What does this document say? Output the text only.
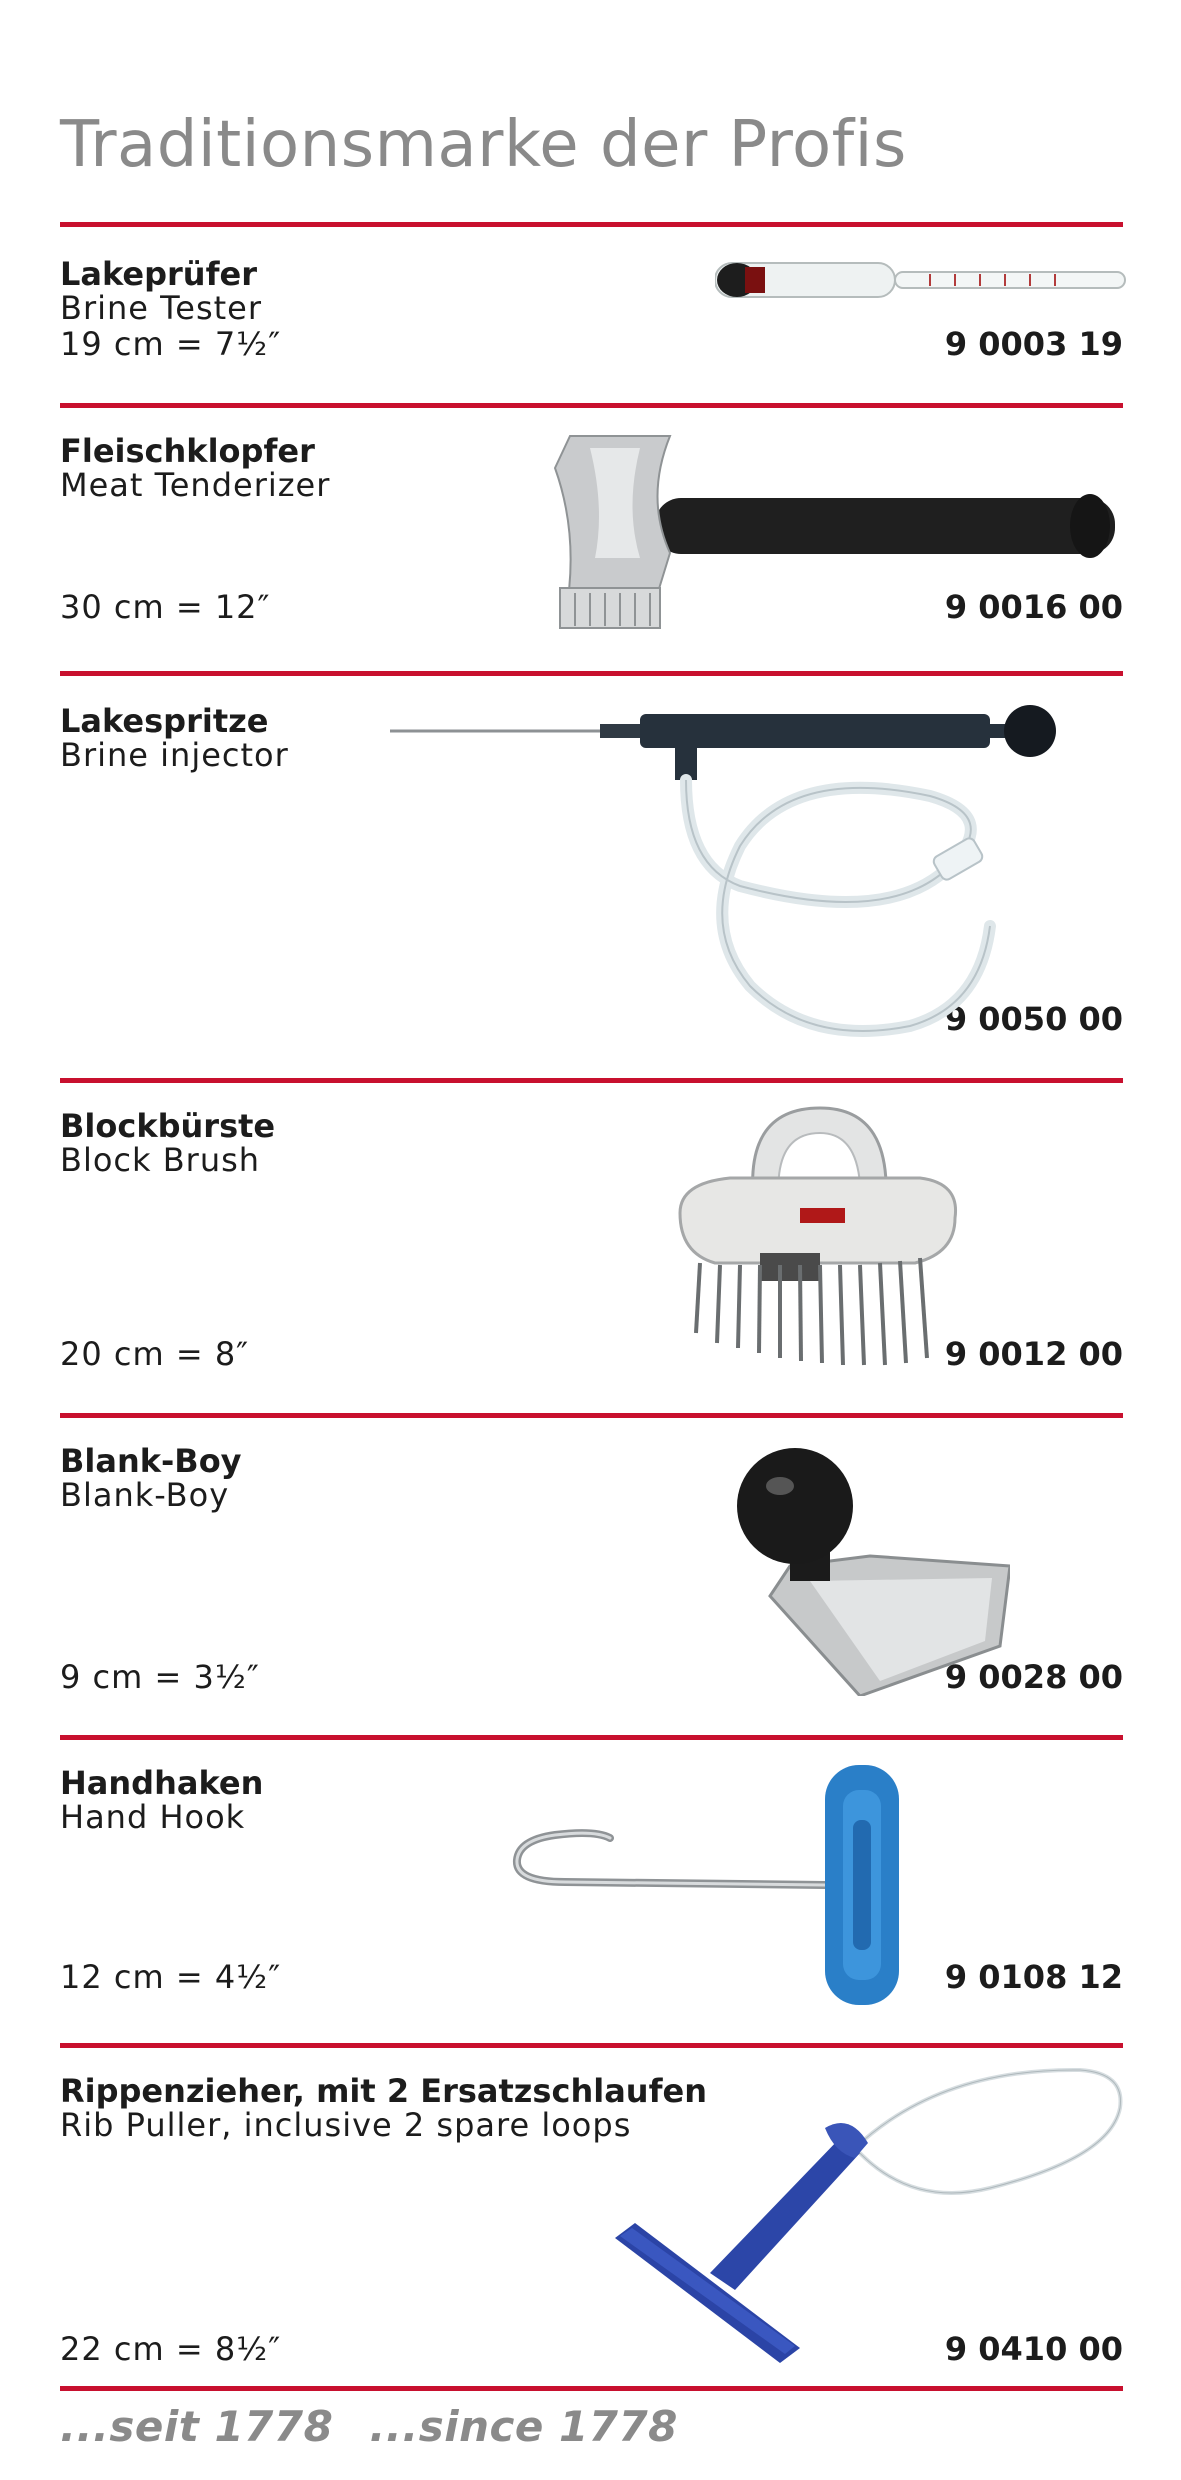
Traditionsmarke der Profis
Lakeprüfer
Brine Tester
19 cm = 7½″	9 0003 19
Fleischklopfer
Meat Tenderizer
30 cm = 12″	9 0016 00
Lakespritze
Brine injector
9 0050 00
Blockbürste
Block Brush
20 cm = 8″	9 0012 00
Blank-Boy
Blank-Boy
9 cm = 3½″	9 0028 00
Handhaken
Hand Hook
12 cm = 4½″	9 0108 12
Rippenzieher, mit 2 Ersatzschlaufen
Rib Puller, inclusive 2 spare loops
22 cm = 8½″	9 0410 00
...seit 1778 ...since 1778
